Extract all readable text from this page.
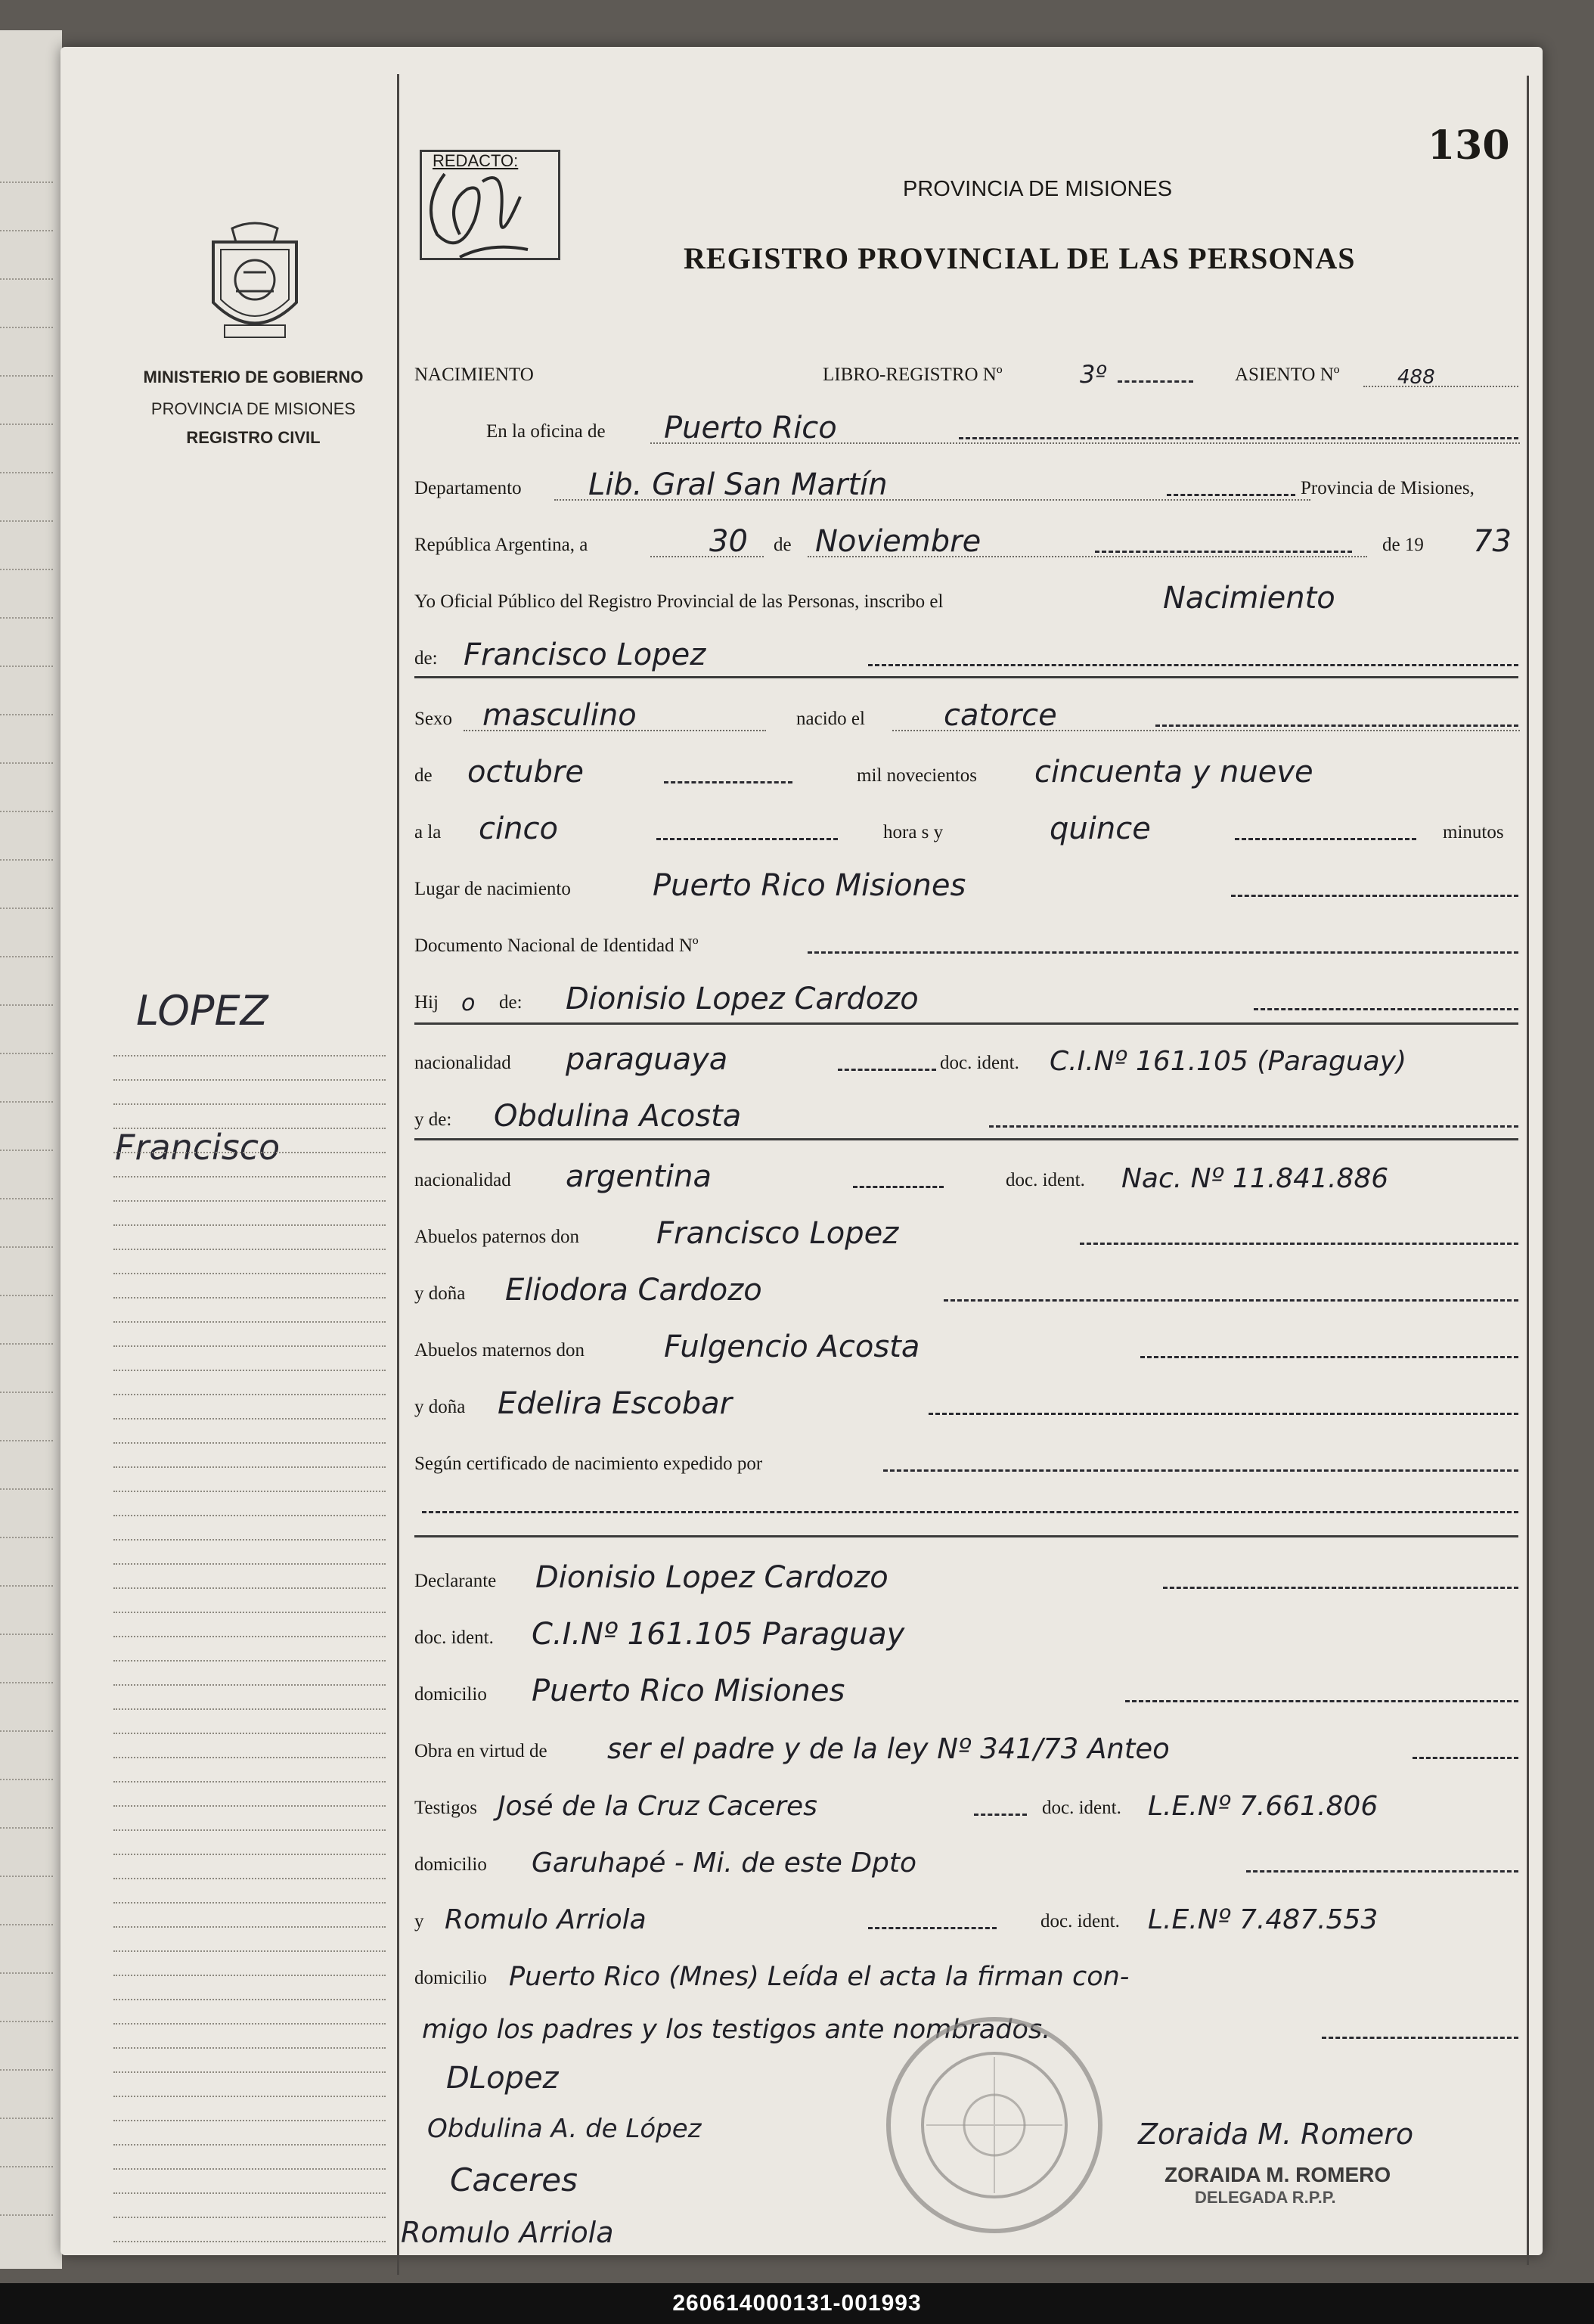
MINISTERIO DE GOBIERNO
PROVINCIA DE MISIONES
REGISTRO CIVIL
LOPEZ
Francisco
REDACTO:	130
PROVINCIA DE MISIONES
REGISTRO PROVINCIAL DE LAS PERSONAS
NACIMIENTO	LIBRO-REGISTRO Nº	3º	ASIENTO Nº	488
En la oficina de Puerto Rico
Departamento Lib. Gral San Martín	Provincia de Misiones,
República Argentina, a	30 de Noviembre	de 19 73
Yo Oficial Público del Registro Provincial de las Personas, inscribo el	Nacimiento
de: Francisco Lopez
Sexo masculino	nacido el	catorce
de octubre	mil novecientos cincuenta y nueve
a la cinco	hora s y	quince	minutos
Lugar de nacimiento	Puerto Rico Misiones
Documento Nacional de Identidad Nº
Hij o de: Dionisio Lopez Cardozo
nacionalidad paraguaya	doc. ident. C.I.Nº 161.105 (Paraguay)
y de: Obdulina Acosta
nacionalidad argentina	doc. ident. Nac. Nº 11.841.886
Abuelos paternos don	Francisco Lopez
y doña Eliodora Cardozo
Abuelos maternos don	Fulgencio Acosta
y doña Edelira Escobar
Según certificado de nacimiento expedido por
Declarante Dionisio Lopez Cardozo
doc. ident. C.I.Nº 161.105 Paraguay
domicilio Puerto Rico Misiones
Obra en virtud de ser el padre y de la ley Nº 341/73 Anteo
Testigos José de la Cruz Caceres	doc. ident. L.E.Nº 7.661.806
domicilio Garuhapé - Mi. de este Dpto
y Romulo Arriola	doc. ident. L.E.Nº 7.487.553
domicilio Puerto Rico (Mnes) Leída el acta la firman con-
migo los padres y los testigos ante nombrados.
DLopez
Obdulina A. de López
Caceres
Romulo Arriola
Zoraida M. Romero
ZORAIDA M. ROMERO
DELEGADA R.P.P.
260614000131-001993
